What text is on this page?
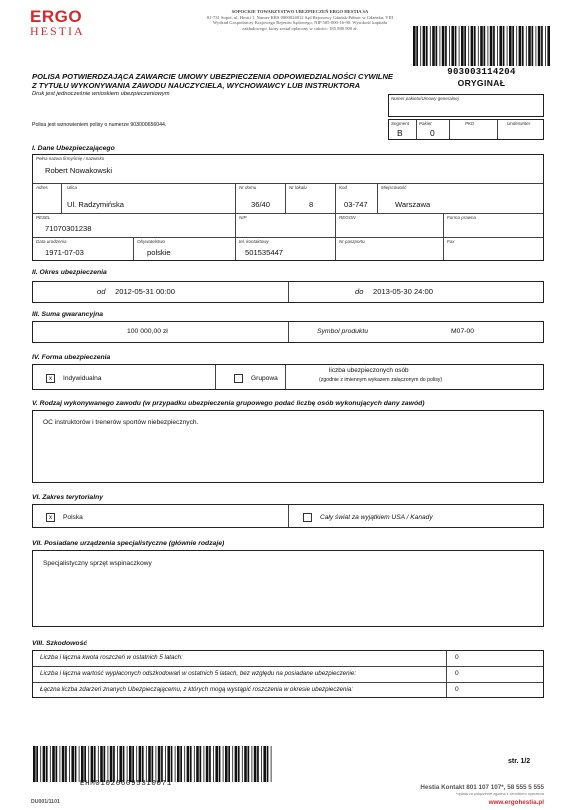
ERGO
HESTIA
SOPOCKIE TOWARZYSTWO UBEZPIECZEŃ ERGO HESTIA SA
81-731 Sopot, ul. Hestii 1. Numer KRS 0000024812 Sąd Rejonowy Gdańsk-Północ w Gdańsku, VIII Wydział Gospodarczy Krajowego Rejestru Sądowego, NIP 585-000-16-90. Wysokość kapitału zakładowego, który został opłacony w całości: 185.980.900 zł.
903003114204
ORYGINAŁ
POLISA POTWIERDZAJĄCA ZAWARCIE UMOWY UBEZPIECZENIA ODPOWIEDZIALNOŚCI CYWILNE
Z TYTUŁU WYKONYWANIA ZAWODU NAUCZYCIELA, WYCHOWAWCY LUB INSTRUKTORA
Druk jest jednocześnie wnioskiem ubezpieczeniowym
Numer pakietu/Umowy generalnej
Polisa jest wznowieniem polisy o numerze 903000656044.	Segment
B
Pakiet
0
PKD	Underwriter
I. Dane Ubezpieczającego
Pełna nazwa firmy/imię i nazwisko
Robert Nowakowski
Adres	Ulica
Ul. Radzymińska
Nr domu
36/40
Nr lokalu
8
Kod
03-747
Miejscowość
Warszawa
PESEL
71070301238
NIP	REGON	Forma prawna
Data urodzenia
1971-07-03
Obywatelstwo
polskie
tel. kontaktowy
501535447
Nr paszportu	Fax
II. Okres ubezpieczenia
od 2012-05-31 00:00	do 2013-05-30 24:00
III. Suma gwarancyjna
100 000,00 zł	Symbol produktu	M07-00
IV. Forma ubezpieczenia
x	Indywidualna	Grupowa
liczba ubezpieczonych osób
(zgodnie z imiennym wykazem załączonym do polisy)
V. Rodzaj wykonywanego zawodu (w przypadku ubezpieczenia grupowego podać liczbę osób wykonujących dany zawód)
OC instruktorów i trenerów sportów niebezpiecznych.
VI. Zakres terytorialny
x	Polska	Cały świat za wyjątkiem USA / Kanady
VII. Posiadane urządzenia specjalistyczne (głównie rodzaje)
Specjalistyczny sprzęt wspinaczkowy
VIII. Szkodowość
Liczba i łączna kwota roszczeń w ostatnich 5 latach:	0
Liczba i łączna wartość wypłaconych odszkodowań w ostatnich 5 latach, bez względu na posiadane ubezpieczenie:	0
Łączna liczba zdarzeń znanych Ubezpieczającemu, z których mogą wystąpić roszczenia w okresie ubezpieczenia:	0
EHM010206095310071
str. 1/2
DU001/1101
Hestia Kontakt 801 107 107*, 58 555 5 555
*opłata za połączenie zgodna z cennikiem operatora
www.ergohestia.pl
